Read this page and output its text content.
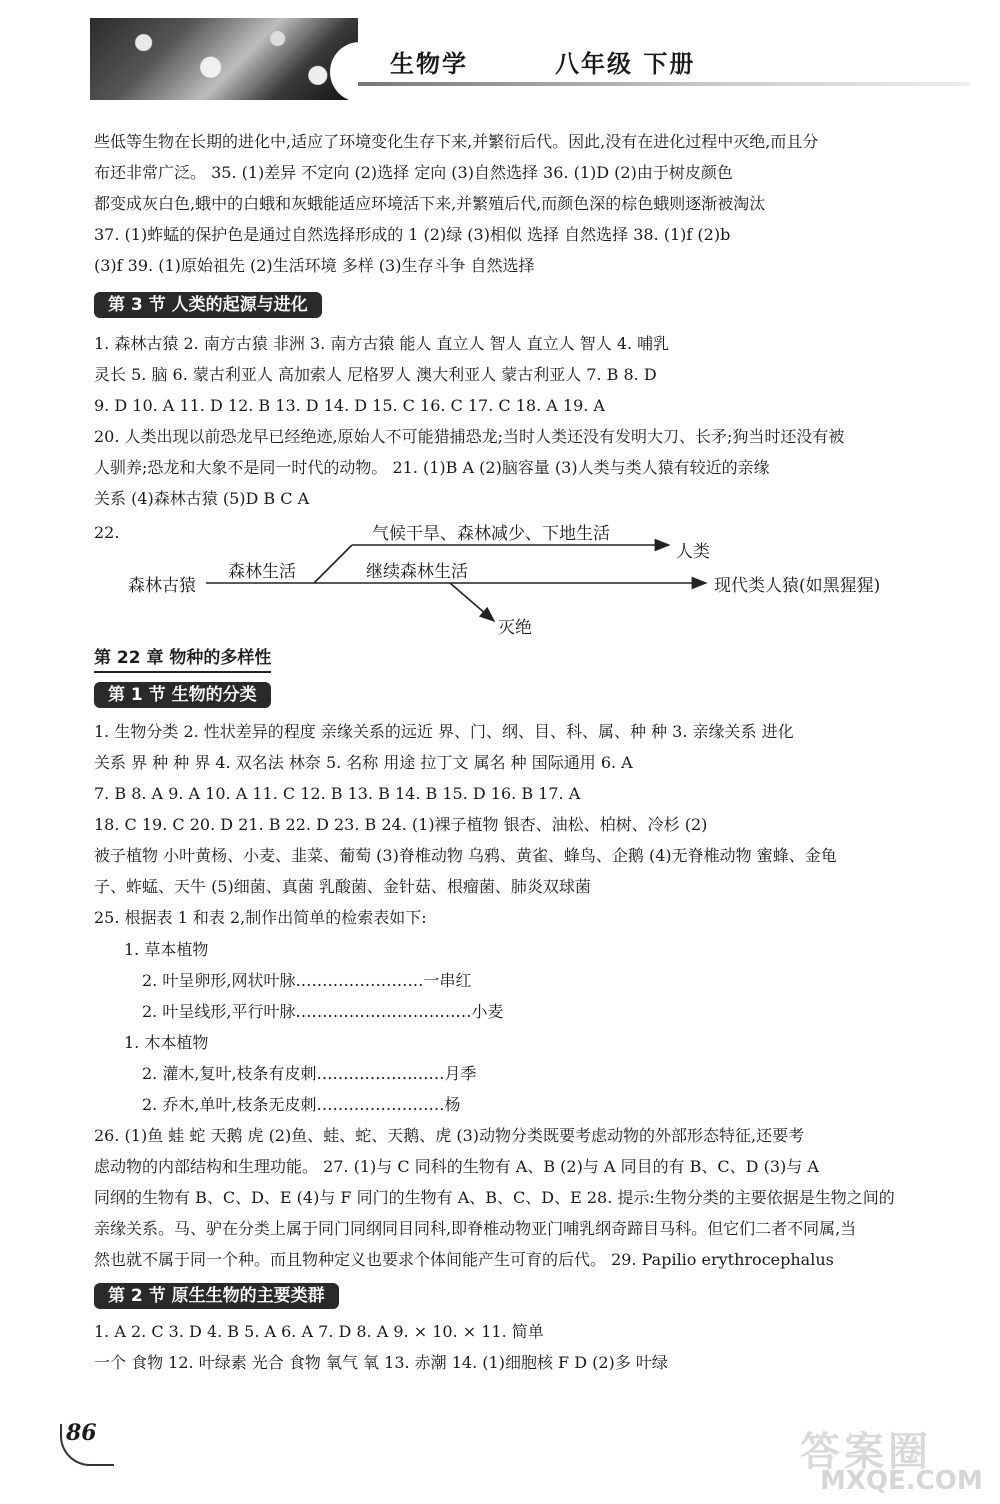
生物学	八年级 下册

些低等生物在长期的进化中,适应了环境变化生存下来,并繁衍后代。因此,没有在进化过程中灭绝,而且分

布还非常广泛。 35. (1)差异 不定向 (2)选择 定向 (3)自然选择 36. (1)D (2)由于树皮颜色

都变成灰白色,蛾中的白蛾和灰蛾能适应环境活下来,并繁殖后代,而颜色深的棕色蛾则逐渐被淘汰

37. (1)蚱蜢的保护色是通过自然选择形成的 1 (2)绿 (3)相似 选择 自然选择 38. (1)f (2)b

(3)f 39. (1)原始祖先 (2)生活环境 多样 (3)生存斗争 自然选择

第 3 节 人类的起源与进化

1. 森林古猿 2. 南方古猿 非洲 3. 南方古猿 能人 直立人 智人 直立人 智人 4. 哺乳

灵长 5. 脑 6. 蒙古利亚人 高加索人 尼格罗人 澳大利亚人 蒙古利亚人 7. B 8. D

9. D 10. A 11. D 12. B 13. D 14. D 15. C 16. C 17. C 18. A 19. A

20. 人类出现以前恐龙早已经绝迹,原始人不可能猎捕恐龙;当时人类还没有发明大刀、长矛;狗当时还没有被

人驯养;恐龙和大象不是同一时代的动物。 21. (1)B A (2)脑容量 (3)人类与类人猿有较近的亲缘

关系 (4)森林古猿 (5)D B C A

22.
森林古猿
森林生活
气候干旱、森林减少、下地生活
人类
继续森林生活
现代类人猿(如黑猩猩)
灭绝
第 22 章 物种的多样性
第 1 节 生物的分类

1. 生物分类 2. 性状差异的程度 亲缘关系的远近 界、门、纲、目、科、属、种 种 3. 亲缘关系 进化

关系 界 种 种 界 4. 双名法 林奈 5. 名称 用途 拉丁文 属名 种 国际通用 6. A

7. B 8. A 9. A 10. A 11. C 12. B 13. B 14. B 15. D 16. B 17. A

18. C 19. C 20. D 21. B 22. D 23. B 24. (1)裸子植物 银杏、油松、柏树、冷杉 (2)

被子植物 小叶黄杨、小麦、韭菜、葡萄 (3)脊椎动物 乌鸦、黄雀、蜂鸟、企鹅 (4)无脊椎动物 蜜蜂、金龟

子、蚱蜢、天牛 (5)细菌、真菌 乳酸菌、金针菇、根瘤菌、肺炎双球菌

25. 根据表 1 和表 2,制作出简单的检索表如下:

1. 草本植物
2. 叶呈卵形,网状叶脉……………………一串红
2. 叶呈线形,平行叶脉……………………………小麦
1. 木本植物
2. 灌木,复叶,枝条有皮刺……………………月季
2. 乔木,单叶,枝条无皮刺……………………杨

26. (1)鱼 蛙 蛇 天鹅 虎 (2)鱼、蛙、蛇、天鹅、虎 (3)动物分类既要考虑动物的外部形态特征,还要考

虑动物的内部结构和生理功能。 27. (1)与 C 同科的生物有 A、B (2)与 A 同目的有 B、C、D (3)与 A

同纲的生物有 B、C、D、E (4)与 F 同门的生物有 A、B、C、D、E 28. 提示:生物分类的主要依据是生物之间的

亲缘关系。马、驴在分类上属于同门同纲同目同科,即脊椎动物亚门哺乳纲奇蹄目马科。但它们二者不同属,当

然也就不属于同一个种。而且物种定义也要求个体间能产生可育的后代。 29. Papilio erythrocephalus

第 2 节 原生生物的主要类群

1. A 2. C 3. D 4. B 5. A 6. A 7. D 8. A 9. × 10. × 11. 简单

一个 食物 12. 叶绿素 光合 食物 氧气 氧 13. 赤潮 14. (1)细胞核 F D (2)多 叶绿

86	答案圈
MXQE.COM
